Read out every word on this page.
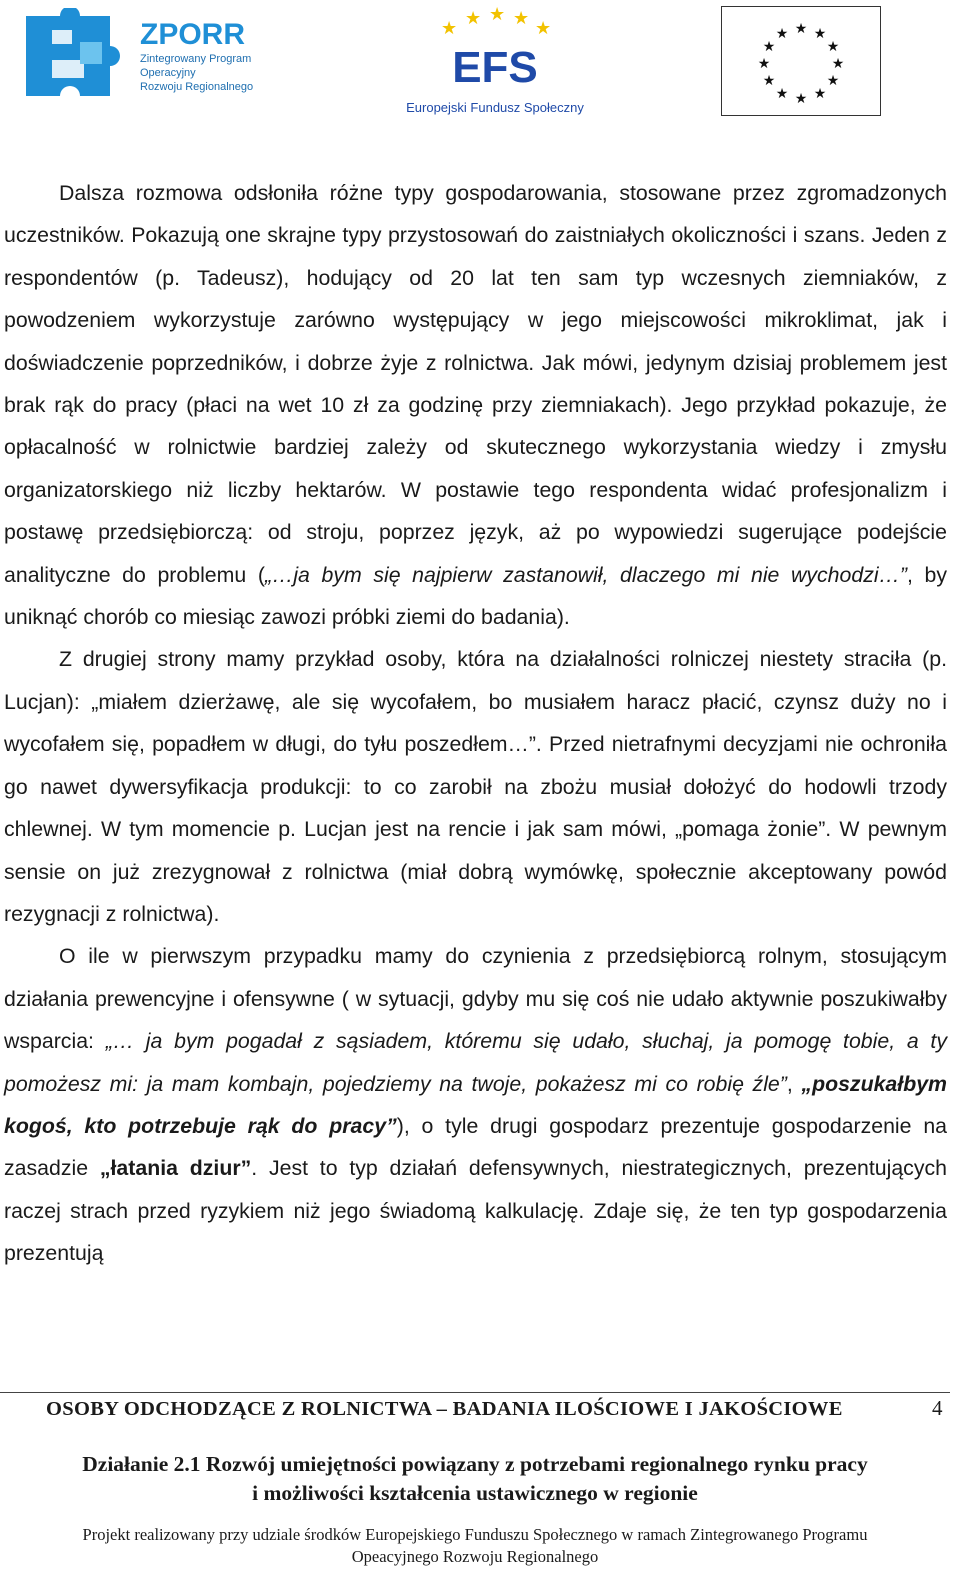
ZPORR
Zintegrowany Program
Operacyjny
Rozwoju Regionalnego
★ ★ ★ ★ ★
EFS
Europejski Fundusz Społeczny
★ ★
★
★
★
★
★
★
★
★
★
★

Dalsza rozmowa odsłoniła różne typy gospodarowania, stosowane przez zgromadzonych uczestników. Pokazują one skrajne typy przystosowań do zaistniałych okoliczności i szans. Jeden z respondentów (p. Tadeusz), hodujący od 20 lat ten sam typ wczesnych ziemniaków, z powodzeniem wykorzystuje zarówno występujący w jego miejscowości mikroklimat, jak i doświadczenie poprzedników, i dobrze żyje z rolnictwa. Jak mówi, jedynym dzisiaj problemem jest brak rąk do pracy (płaci na wet 10 zł za godzinę przy ziemniakach). Jego przykład pokazuje, że opłacalność w rolnictwie bardziej zależy od skutecznego wykorzystania wiedzy i zmysłu organizatorskiego niż liczby hektarów. W postawie tego respondenta widać profesjonalizm i postawę przedsiębiorczą: od stroju, poprzez język, aż po wypowiedzi sugerujące podejście analityczne do problemu („…ja bym się najpierw zastanowił, dlaczego mi nie wychodzi…”, by uniknąć chorób co miesiąc zawozi próbki ziemi do badania).

Z drugiej strony mamy przykład osoby, która na działalności rolniczej niestety straciła (p. Lucjan): „miałem dzierżawę, ale się wycofałem, bo musiałem haracz płacić, czynsz duży no i wycofałem się, popadłem w długi, do tyłu poszedłem…”. Przed nietrafnymi decyzjami nie ochroniła go nawet dywersyfikacja produkcji: to co zarobił na zbożu musiał dołożyć do hodowli trzody chlewnej. W tym momencie p. Lucjan jest na rencie i jak sam mówi, „pomaga żonie”. W pewnym sensie on już zrezygnował z rolnictwa (miał dobrą wymówkę, społecznie akceptowany powód rezygnacji z rolnictwa).

O ile w pierwszym przypadku mamy do czynienia z przedsiębiorcą rolnym, stosującym działania prewencyjne i ofensywne ( w sytuacji, gdyby mu się coś nie udało aktywnie poszukiwałby wsparcia: „… ja bym pogadał z sąsiadem, któremu się udało, słuchaj, ja pomogę tobie, a ty pomożesz mi: ja mam kombajn, pojedziemy na twoje, pokażesz mi co robię źle”, „poszukałbym kogoś, kto potrzebuje rąk do pracy”), o tyle drugi gospodarz prezentuje gospodarzenie na zasadzie „łatania dziur”. Jest to typ działań defensywnych, niestrategicznych, prezentujących raczej strach przed ryzykiem niż jego świadomą kalkulację. Zdaje się, że ten typ gospodarzenia prezentują

OSOBY ODCHODZĄCE Z ROLNICTWA – BADANIA ILOŚCIOWE I JAKOŚCIOWE	4
Działanie 2.1 Rozwój umiejętności powiązany z potrzebami regionalnego rynku pracy
i możliwości kształcenia ustawicznego w regionie
Projekt realizowany przy udziale środków Europejskiego Funduszu Społecznego w ramach Zintegrowanego Programu
Opeacyjnego Rozwoju Regionalnego
